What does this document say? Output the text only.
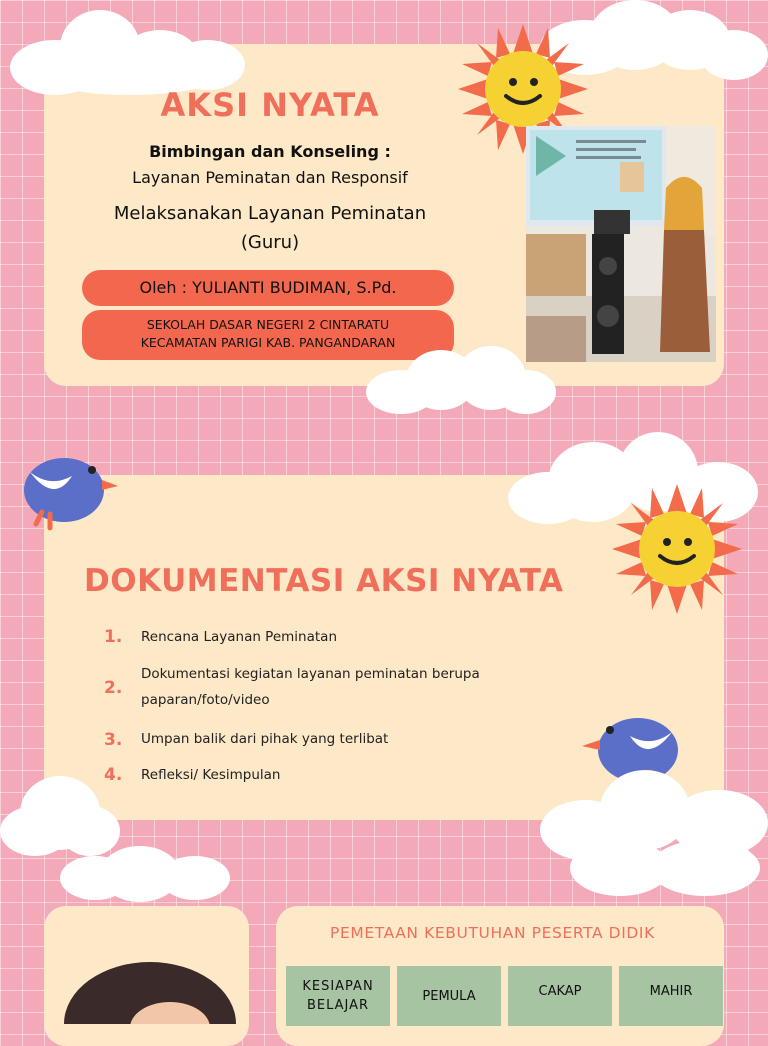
AKSI NYATA
Bimbingan dan Konseling :
Layanan Peminatan dan Responsif
Melaksanakan Layanan Peminatan
(Guru)
Oleh : YULIANTI BUDIMAN, S.Pd.
SEKOLAH DASAR NEGERI 2 CINTARATU
KECAMATAN PARIGI KAB. PANGANDARAN
DOKUMENTASI AKSI NYATA
1. Rencana Layanan Peminatan
2.
Dokumentasi kegiatan layanan peminatan berupa
paparan/foto/video
3. Umpan balik dari pihak yang terlibat
4. Refleksi/ Kesimpulan
PEMETAAN KEBUTUHAN PESERTA DIDIK
KESIAPAN
BELAJAR
PEMULA	CAKAP	MAHIR
